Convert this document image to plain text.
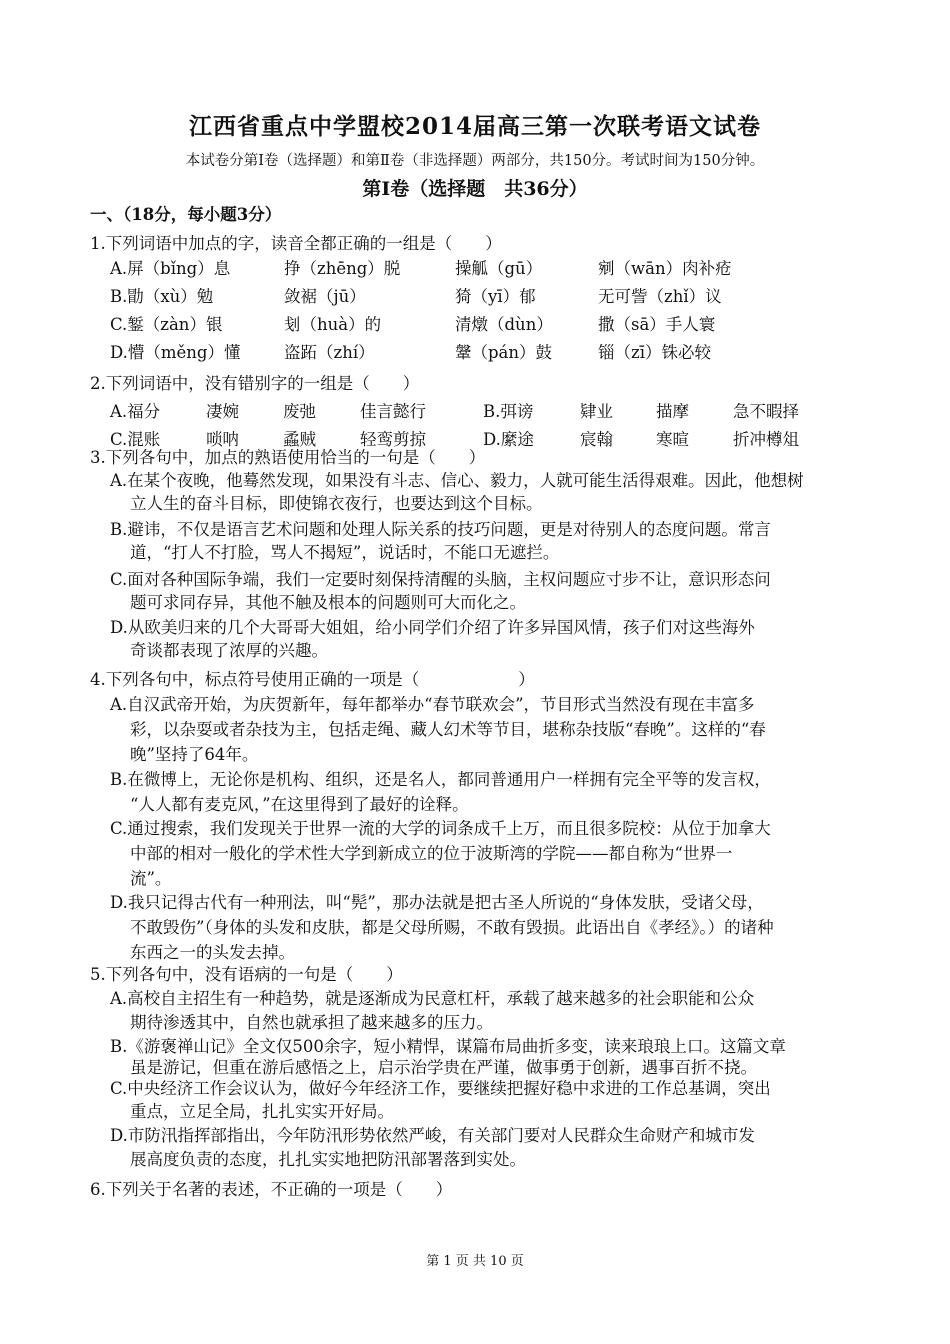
江西省重点中学盟校2014届高三第一次联考语文试卷
本试卷分第Ⅰ卷（选择题）和第Ⅱ卷（非选择题）两部分，共150分。考试时间为150分钟。
第Ⅰ卷（选择题　共36分）
一、（18分，每小题3分）
1.下列词语中加点的字，读音全都正确的一组是（　　）
A.屏（bǐng）息	挣（zhēng）脱	操觚（gū）	剜（wān）肉补疮
B.勖（xù）勉	敛裾（jū）	猗（yī）郁	无可訾（zhǐ）议
C.錾（zàn）银	刬（huà）的	清燉（dùn）	撒（sā）手人寰
D.懵（měng）懂	盗跖（zhí）	鞶（pán）鼓	锱（zī）铢必较
2.下列词语中，没有错别字的一组是（　　）
A.福分	凄婉	废弛	佳言懿行	B.弭谤	肄业	描摩	急不暇择
C.混账	唢呐	蟊贼	轻鸾剪掠	D.縻途	宸翰	寒暄	折冲樽俎
3.下列各句中，加点的熟语使用恰当的一句是（　　）
A.在某个夜晚，他蓦然发现，如果没有斗志、信心、毅力，人就可能生活得艰难。因此，他想树
立人生的奋斗目标，即使锦衣夜行，也要达到这个目标。
B.避讳，不仅是语言艺术问题和处理人际关系的技巧问题，更是对待别人的态度问题。常言
道，“打人不打脸，骂人不揭短”，说话时，不能口无遮拦。
C.面对各种国际争端，我们一定要时刻保持清醒的头脑，主权问题应寸步不让，意识形态问
题可求同存异，其他不触及根本的问题则可大而化之。
D.从欧美归来的几个大哥哥大姐姐，给小同学们介绍了许多异国风情，孩子们对这些海外
奇谈都表现了浓厚的兴趣。
4.下列各句中，标点符号使用正确的一项是（　　　　　　）
A.自汉武帝开始，为庆贺新年，每年都举办“春节联欢会”，节目形式当然没有现在丰富多
彩，以杂耍或者杂技为主，包括走绳、藏人幻术等节目，堪称杂技版“春晚”。这样的“春
晚”坚持了64年。
B.在微博上，无论你是机构、组织，还是名人，都同普通用户一样拥有完全平等的发言权，
“人人都有麦克风，”在这里得到了最好的诠释。
C.通过搜索，我们发现关于世界一流的大学的词条成千上万，而且很多院校：从位于加拿大
中部的相对一般化的学术性大学到新成立的位于波斯湾的学院——都自称为“世界一
流”。
D.我只记得古代有一种刑法，叫“髡”，那办法就是把古圣人所说的“身体发肤，受诸父母，
不敢毁伤”（身体的头发和皮肤，都是父母所赐，不敢有毁损。此语出自《孝经》。）的诸种
东西之一的头发去掉。
5.下列各句中，没有语病的一句是（　　）
A.高校自主招生有一种趋势，就是逐渐成为民意杠杆，承载了越来越多的社会职能和公众
期待渗透其中，自然也就承担了越来越多的压力。
B.《游褒禅山记》全文仅500余字，短小精悍，谋篇布局曲折多变，读来琅琅上口。这篇文章
虽是游记，但重在游后感悟之上，启示治学贵在严谨，做事勇于创新，遇事百折不挠。
C.中央经济工作会议认为，做好今年经济工作，要继续把握好稳中求进的工作总基调，突出
重点，立足全局，扎扎实实开好局。
D.市防汛指挥部指出，今年防汛形势依然严峻，有关部门要对人民群众生命财产和城市发
展高度负责的态度，扎扎实实地把防汛部署落到实处。
6.下列关于名著的表述，不正确的一项是（　　）
第 1 页 共 10 页
